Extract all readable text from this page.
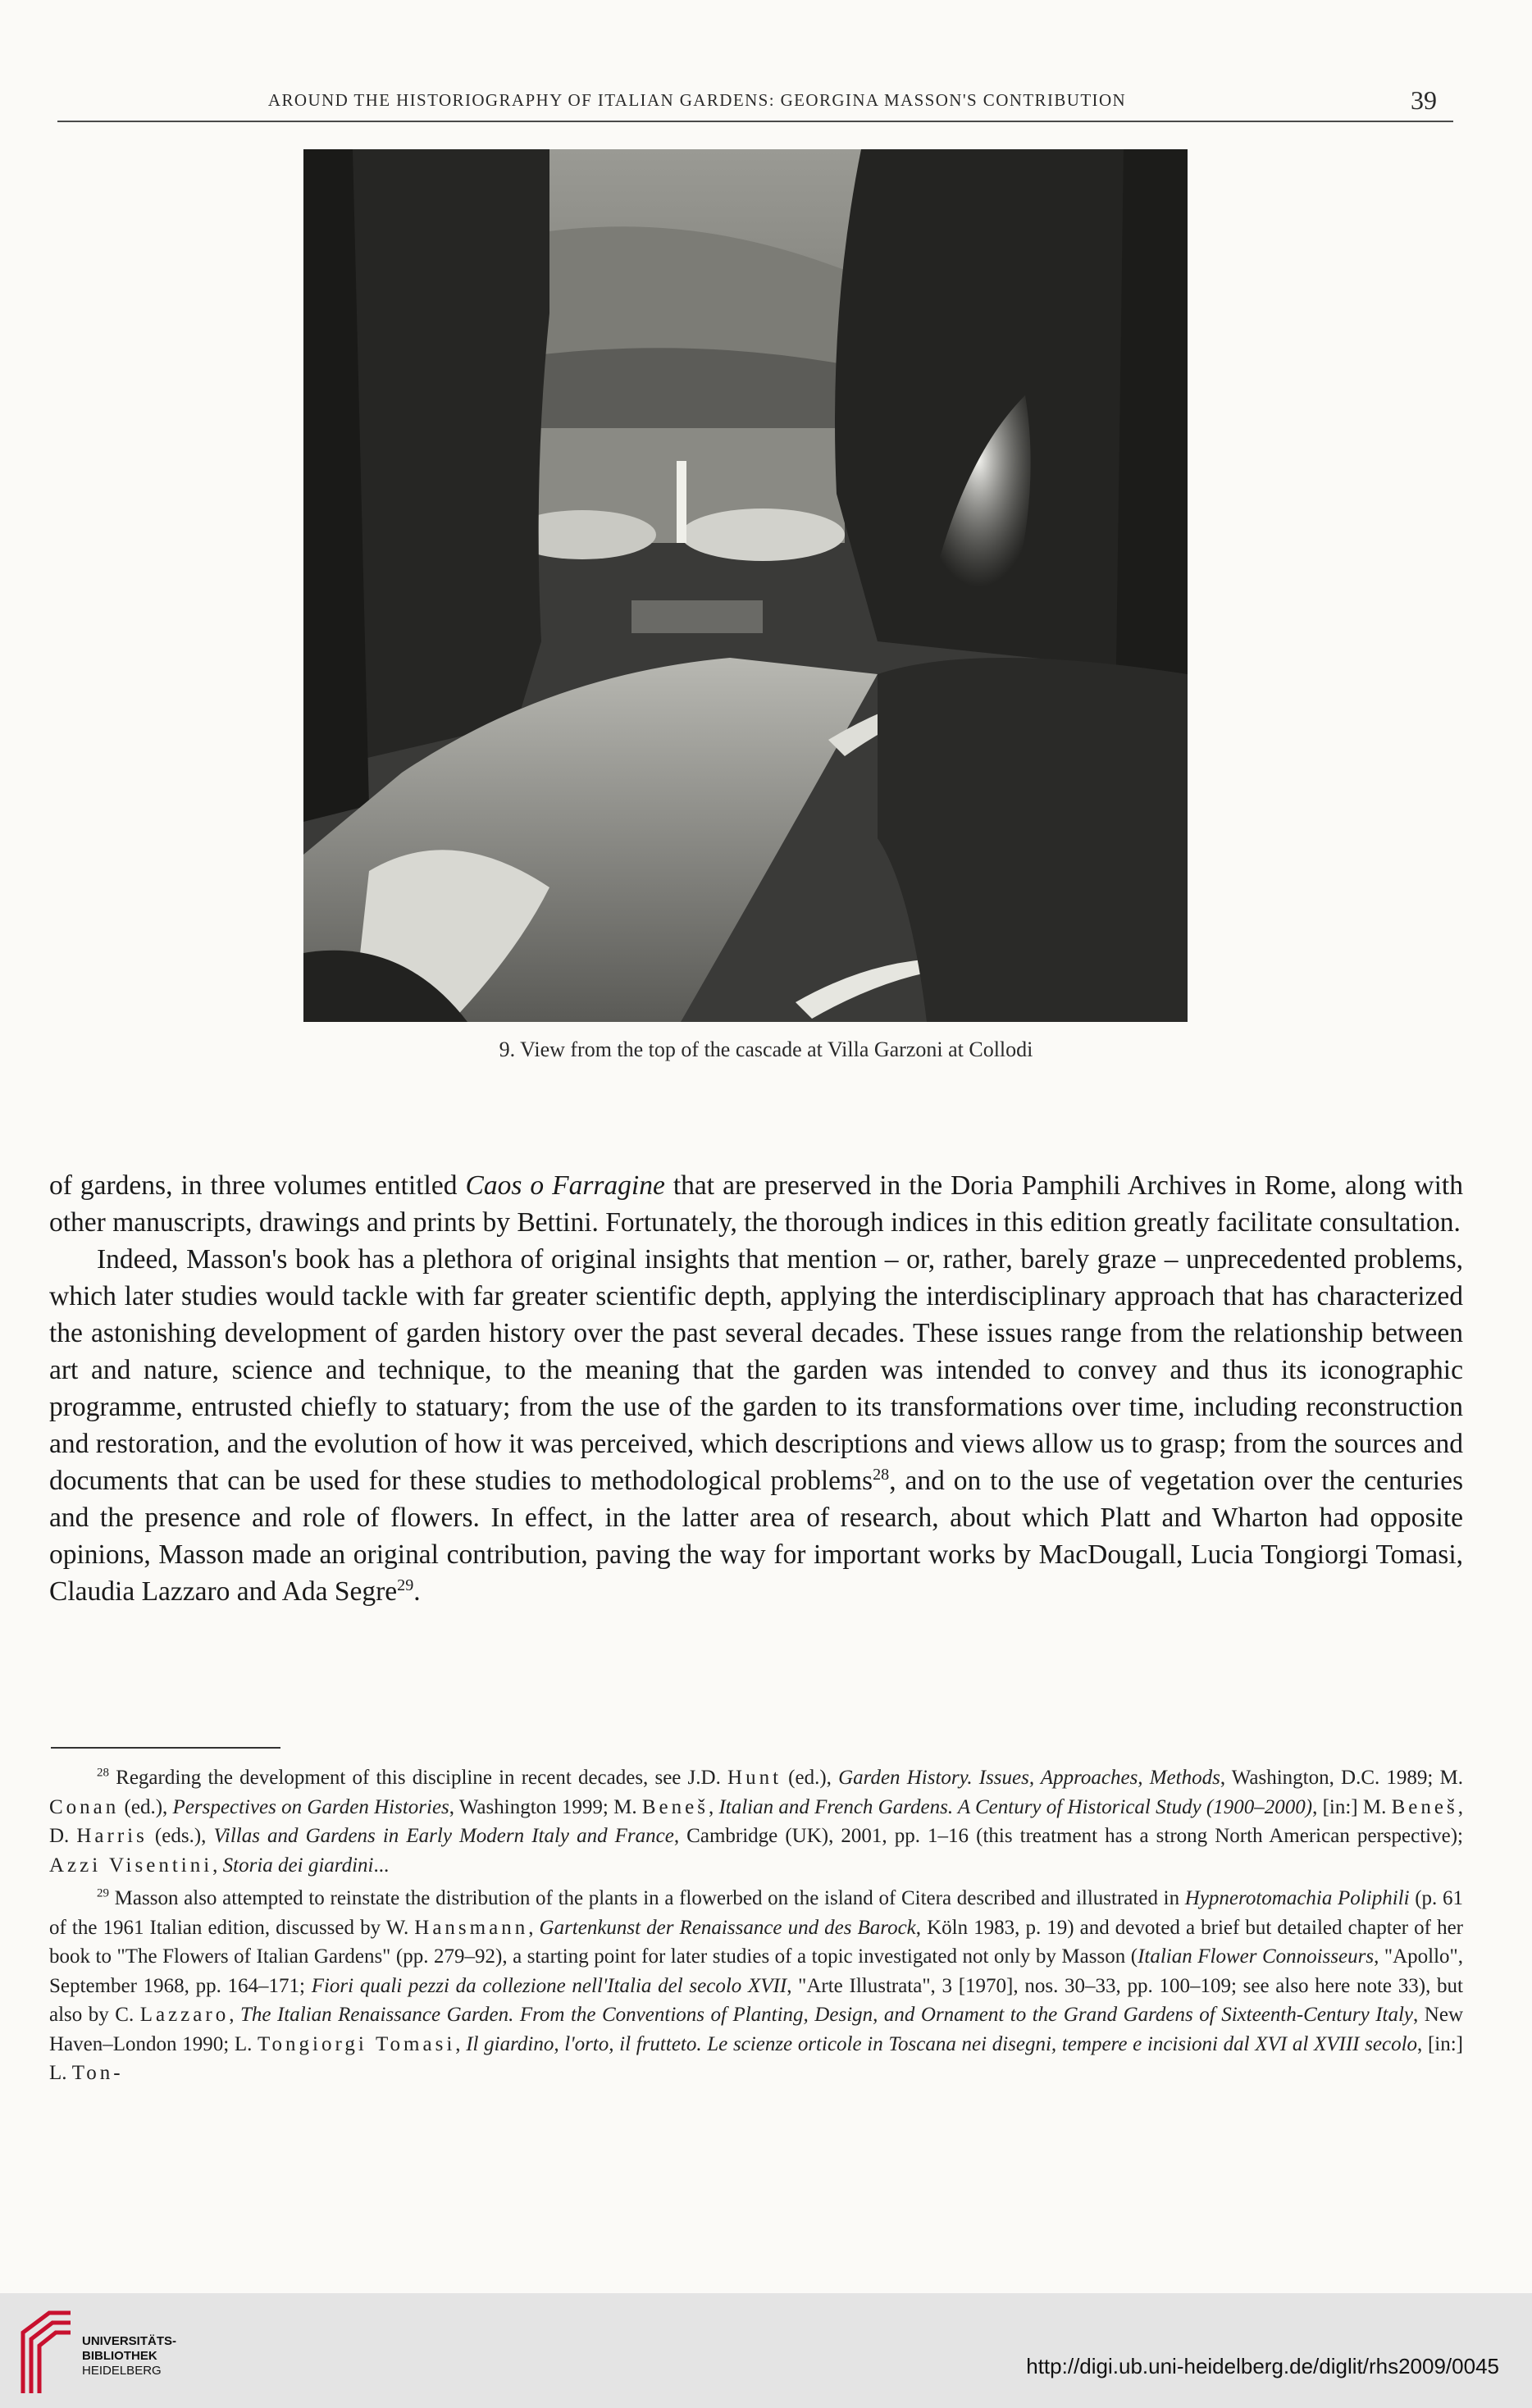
AROUND THE HISTORIOGRAPHY OF ITALIAN GARDENS: GEORGINA MASSON'S CONTRIBUTION	39
9. View from the top of the cascade at Villa Garzoni at Collodi

of gardens, in three volumes entitled Caos o Farragine that are preserved in the Doria Pamphili Archives in Rome, along with other manuscripts, drawings and prints by Bettini. Fortunately, the thorough indices in this edition greatly facilitate consultation.

Indeed, Masson's book has a plethora of original insights that mention – or, rather, barely graze – unprecedented problems, which later studies would tackle with far greater scientific depth, applying the interdisciplinary approach that has characterized the astonishing development of garden history over the past several decades. These issues range from the relationship between art and nature, science and technique, to the meaning that the garden was intended to convey and thus its iconographic programme, entrusted chiefly to statuary; from the use of the garden to its transformations over time, including reconstruction and restoration, and the evolution of how it was perceived, which descriptions and views allow us to grasp; from the sources and documents that can be used for these studies to methodological problems$^{28}$, and on to the use of vegetation over the centuries and the presence and role of flowers. In effect, in the latter area of research, about which Platt and Wharton had opposite opinions, Masson made an original contribution, paving the way for important works by MacDougall, Lucia Tongiorgi Tomasi, Claudia Lazzaro and Ada Segre$^{29}$.

$^{28}$ Regarding the development of this discipline in recent decades, see J.D. Hunt (ed.), Garden History. Issues, Approaches, Methods, Washington, D.C. 1989; M. Conan (ed.), Perspectives on Garden Histories, Washington 1999; M. Beneš, Italian and French Gardens. A Century of Historical Study (1900–2000), [in:] M. Beneš, D. Harris (eds.), Villas and Gardens in Early Modern Italy and France, Cambridge (UK), 2001, pp. 1–16 (this treatment has a strong North American perspective); Azzi Visentini, Storia dei giardini...

$^{29}$ Masson also attempted to reinstate the distribution of the plants in a flowerbed on the island of Citera described and illustrated in Hypnerotomachia Poliphili (p. 61 of the 1961 Italian edition, discussed by W. Hansmann, Gartenkunst der Renaissance und des Barock, Köln 1983, p. 19) and devoted a brief but detailed chapter of her book to "The Flowers of Italian Gardens" (pp. 279–92), a starting point for later studies of a topic investigated not only by Masson (Italian Flower Connoisseurs, "Apollo", September 1968, pp. 164–171; Fiori quali pezzi da collezione nell'Italia del secolo XVII, "Arte Illustrata", 3 [1970], nos. 30–33, pp. 100–109; see also here note 33), but also by C. Lazzaro, The Italian Renaissance Garden. From the Conventions of Planting, Design, and Ornament to the Grand Gardens of Sixteenth-Century Italy, New Haven–London 1990; L. Tongiorgi Tomasi, Il giardino, l'orto, il frutteto. Le scienze orticole in Toscana nei disegni, tempere e incisioni dal XVI al XVIII secolo, [in:] L. Ton-

UNIVERSITÄTS-
BIBLIOTHEK
HEIDELBERG	http://digi.ub.uni-heidelberg.de/diglit/rhs2009/0045
